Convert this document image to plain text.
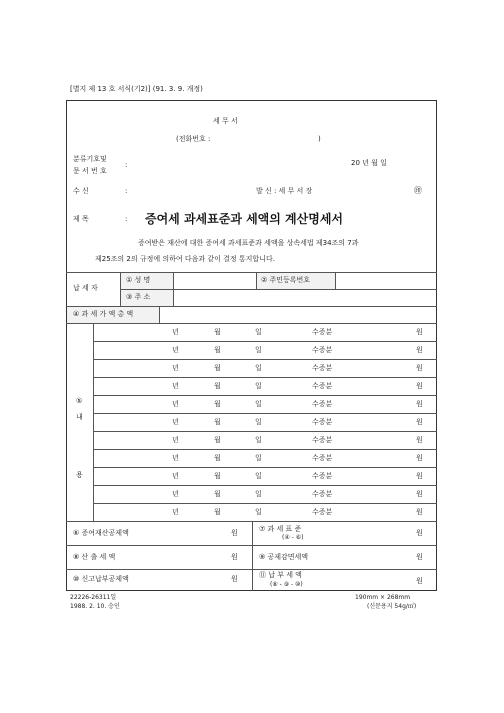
[별지 제 13 호 서식(기2)] (91. 3. 9. 개정)
세 무 서
(전화번호 :	)
분류기호및
문 서 번 호
:	20 년 월 일
수 신	:	발 신 : 세 무 서 장	㊞
제 목	: 증여세 과세표준과 세액의 계산명세서
증여받은 재산에 대한 증여세 과세표준과 세액을 상속세법 제34조의 7과
제25조의 2의 규정에 의하여 다음과 같이 결정 통지합니다.
납 세 자
① 성 명	② 주민등록번호
③ 주 소
④ 과 세 가 액 총 액
⑤
내
용
년	월	일	수증분	원
년	월	일	수증분	원
년	월	일	수증분	원
년	월	일	수증분	원
년	월	일	수증분	원
년	월	일	수증분	원
년	월	일	수증분	원
년	월	일	수증분	원
년	월	일	수증분	원
년	월	일	수증분	원
년	월	일	수증분	원
⑥ 증여재산공제액	원	⑦ 과 세 표 준
(④ - ⑥)
원
⑧ 산 출 세 액	원	⑨ 공제감면세액	원
⑩ 신고납부공제액	원	⑪ 납 부 세 액
(⑧ - ⑨ - ⑩)	원
22226-26311일
1988. 2. 10. 승인
190mm × 268mm
(신문용지 54g/㎡)
